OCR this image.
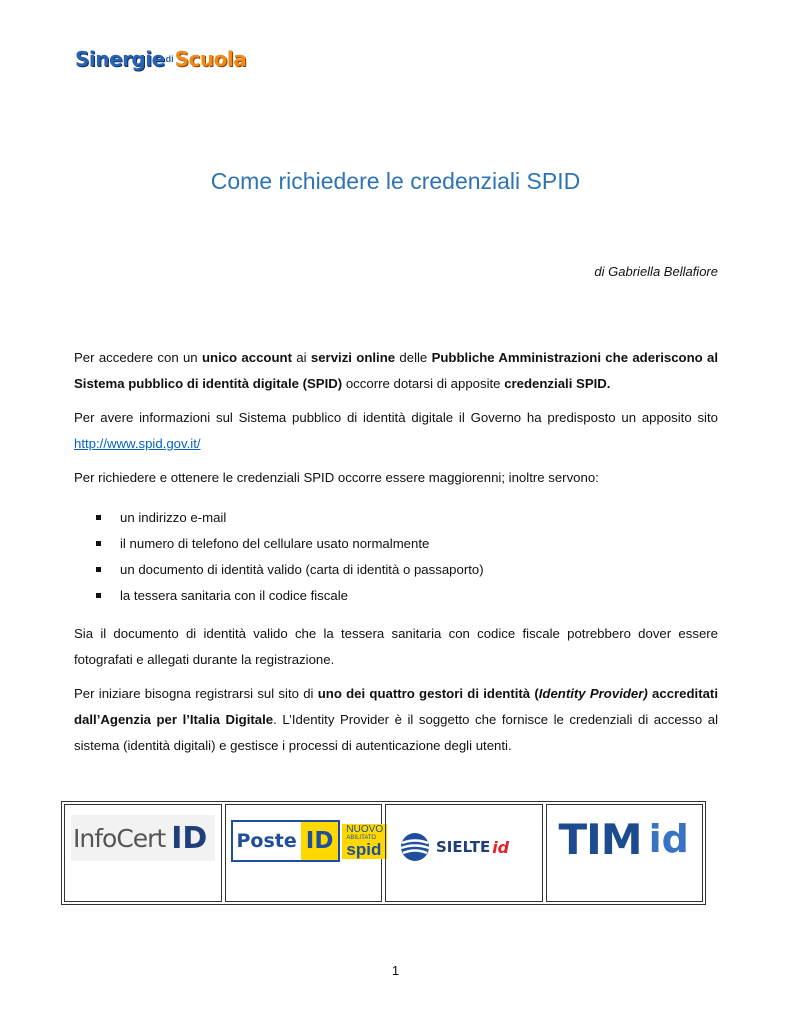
Sinergie di Scuola
Come richiedere le credenziali SPID
di Gabriella Bellafiore

Per accedere con un unico account ai servizi online delle Pubbliche Amministrazioni che aderiscono al Sistema pubblico di identità digitale (SPID) occorre dotarsi di apposite credenziali SPID.

Per avere informazioni sul Sistema pubblico di identità digitale il Governo ha predisposto un apposito sito http://www.spid.gov.it/

Per richiedere e ottenere le credenziali SPID occorre essere maggiorenni; inoltre servono:

un indirizzo e-mail
il numero di telefono del cellulare usato normalmente
un documento di identità valido (carta di identità o passaporto)
la tessera sanitaria con il codice fiscale

Sia il documento di identità valido che la tessera sanitaria con codice fiscale potrebbero dover essere fotografati e allegati durante la registrazione.

Per iniziare bisogna registrarsi sul sito di uno dei quattro gestori di identità (Identity Provider) accreditati dall’Agenzia per l’Italia Digitale. L’Identity Provider è il soggetto che fornisce le credenziali di accesso al sistema (identità digitali) e gestisce i processi di autenticazione degli utenti.

InfoCert ID Poste ID	NUOVO
ABILITATO
spid	SIELTE id TIM id
1
